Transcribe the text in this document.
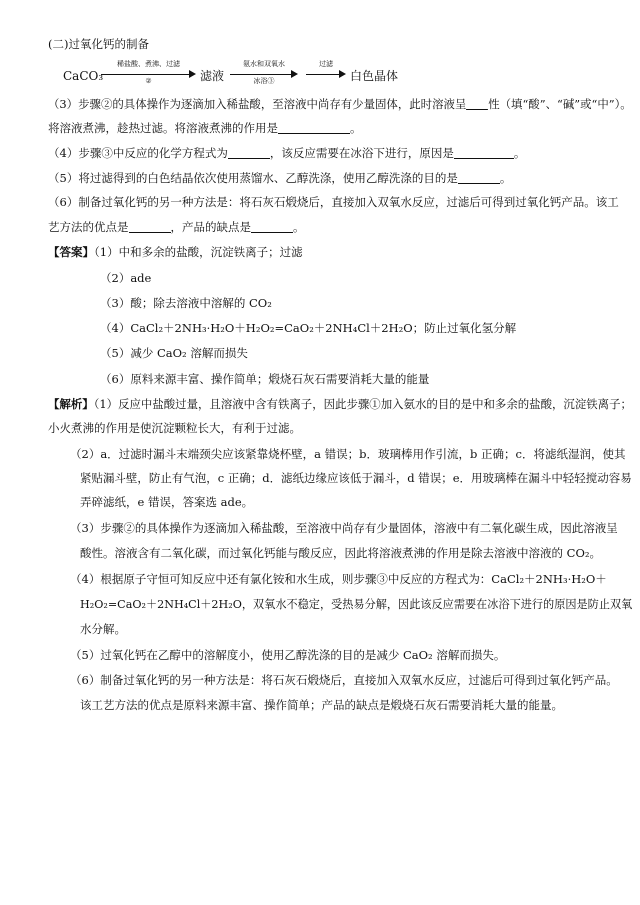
(二)过氧化钙的制备
CaCO₃
稀盐酸、煮沸、过滤
②	滤液
氨水和双氧水
冰浴③
过滤
白色晶体
（3）步骤②的具体操作为逐滴加入稀盐酸，至溶液中尚存有少量固体，此时溶液呈 性（填“酸”、“碱”或“中”）。
将溶液煮沸，趁热过滤。将溶液煮沸的作用是	。
（4）步骤③中反应的化学方程式为	，该反应需要在冰浴下进行，原因是	。
（5）将过滤得到的白色结晶依次使用蒸馏水、乙醇洗涤，使用乙醇洗涤的目的是	。
（6）制备过氧化钙的另一种方法是：将石灰石煅烧后，直接加入双氧水反应，过滤后可得到过氧化钙产品。该工
艺方法的优点是	，产品的缺点是	。
【答案】（1）中和多余的盐酸，沉淀铁离子；过滤
（2）ade
（3）酸；除去溶液中溶解的 CO₂
（4）CaCl₂＋2NH₃·H₂O＋H₂O₂=CaO₂＋2NH₄Cl＋2H₂O；防止过氧化氢分解
（5）减少 CaO₂ 溶解而损失
（6）原料来源丰富、操作简单；煅烧石灰石需要消耗大量的能量
【解析】（1）反应中盐酸过量，且溶液中含有铁离子，因此步骤①加入氨水的目的是中和多余的盐酸，沉淀铁离子；
小火煮沸的作用是使沉淀颗粒长大，有利于过滤。
（2）a．过滤时漏斗末端颈尖应该紧靠烧杯壁，a 错误；b．玻璃棒用作引流，b 正确；c．将滤纸湿润，使其
紧贴漏斗壁，防止有气泡，c 正确；d．滤纸边缘应该低于漏斗，d 错误；e．用玻璃棒在漏斗中轻轻搅动容易
弄碎滤纸，e 错误，答案选 ade。
（3）步骤②的具体操作为逐滴加入稀盐酸，至溶液中尚存有少量固体，溶液中有二氧化碳生成，因此溶液呈
酸性。溶液含有二氧化碳，而过氧化钙能与酸反应，因此将溶液煮沸的作用是除去溶液中溶液的 CO₂。
（4）根据原子守恒可知反应中还有氯化铵和水生成，则步骤③中反应的方程式为：CaCl₂＋2NH₃·H₂O＋
H₂O₂=CaO₂＋2NH₄Cl＋2H₂O，双氧水不稳定，受热易分解，因此该反应需要在冰浴下进行的原因是防止双氧
水分解。
（5）过氧化钙在乙醇中的溶解度小，使用乙醇洗涤的目的是减少 CaO₂ 溶解而损失。
（6）制备过氧化钙的另一种方法是：将石灰石煅烧后，直接加入双氧水反应，过滤后可得到过氧化钙产品。
该工艺方法的优点是原料来源丰富、操作简单；产品的缺点是煅烧石灰石需要消耗大量的能量。
